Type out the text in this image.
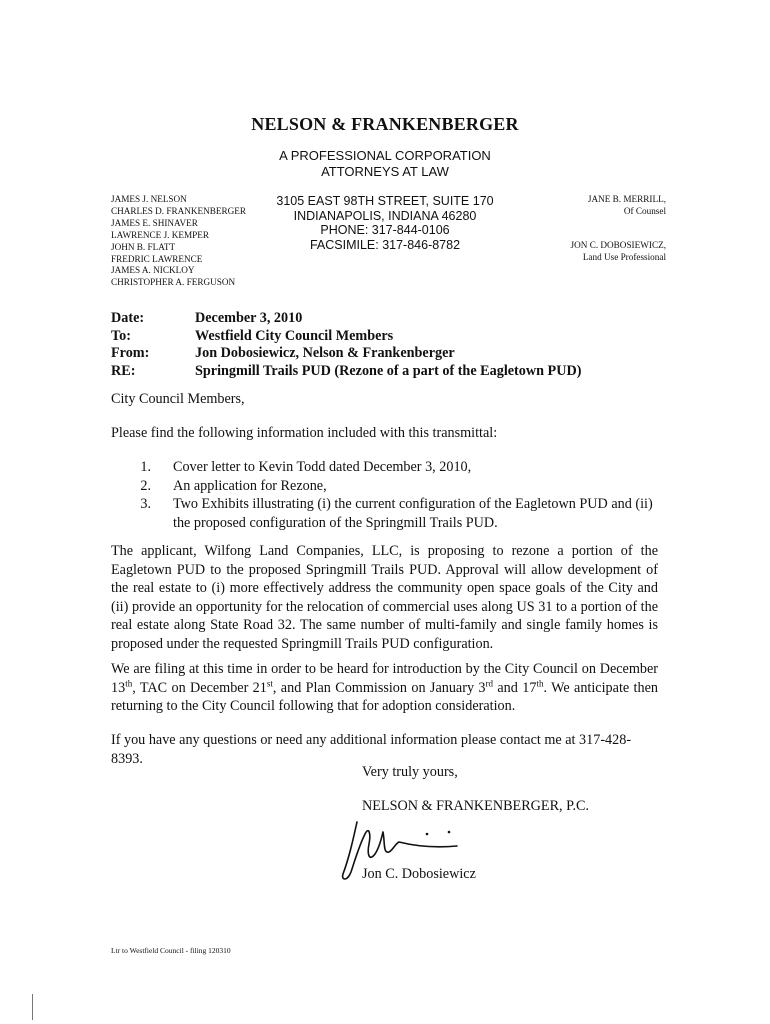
NELSON & FRANKENBERGER
A PROFESSIONAL CORPORATION
ATTORNEYS AT LAW
JAMES J. NELSON
CHARLES D. FRANKENBERGER
JAMES E. SHINAVER
LAWRENCE J. KEMPER
JOHN B. FLATT
FREDRIC LAWRENCE
JAMES A. NICKLOY
CHRISTOPHER A. FERGUSON
3105 EAST 98TH STREET, SUITE 170
INDIANAPOLIS, INDIANA 46280
PHONE: 317-844-0106
FACSIMILE: 317-846-8782
JANE B. MERRILL,
Of Counsel
JON C. DOBOSIEWICZ,
Land Use Professional
Date:	December 3, 2010
To:	Westfield City Council Members
From:	Jon Dobosiewicz, Nelson & Frankenberger
RE:	Springmill Trails PUD (Rezone of a part of the Eagletown PUD)
City Council Members,
Please find the following information included with this transmittal:
1.	Cover letter to Kevin Todd dated December 3, 2010,
2.	An application for Rezone,
3.	Two Exhibits illustrating (i) the current configuration of the Eagletown PUD and (ii) the proposed configuration of the Springmill Trails PUD.
The applicant, Wilfong Land Companies, LLC, is proposing to rezone a portion of the Eagletown PUD to the proposed Springmill Trails PUD. Approval will allow development of the real estate to (i) more effectively address the community open space goals of the City and (ii) provide an opportunity for the relocation of commercial uses along US 31 to a portion of the real estate along State Road 32. The same number of multi-family and single family homes is proposed under the requested Springmill Trails PUD configuration.
We are filing at this time in order to be heard for introduction by the City Council on December 13th, TAC on December 21st, and Plan Commission on January 3rd and 17th. We anticipate then returning to the City Council following that for adoption consideration.
If you have any questions or need any additional information please contact me at 317-428-8393.
Very truly yours,
NELSON & FRANKENBERGER, P.C.
Jon C. Dobosiewicz
Ltr to Westfield Council - filing 120310
